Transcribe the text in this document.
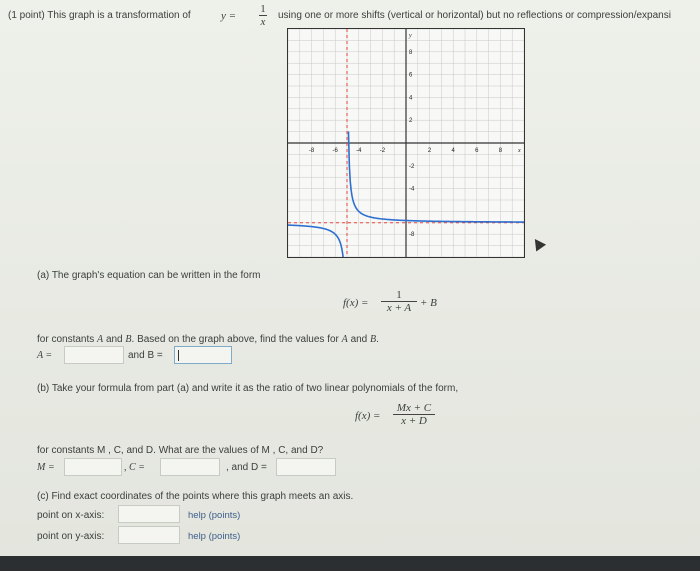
(1 point) This graph is a transformation of	y =
1
x
using one or more shifts (vertical or horizontal) but no reflections or compression/expansi
-8	-6	-4	-2	2	4	6	8
8
6
4
2
-2
-4
-8
x
y
(a) The graph's equation can be written in the form
f(x) =
1
x + A + B
for constants A and B. Based on the graph above, find the values for A and B.
A =	and B =
(b) Take your formula from part (a) and write it as the ratio of two linear polynomials of the form,
f(x) =
Mx + C
x + D
for constants M , C, and D. What are the values of M , C, and D?
M =	, C =	, and D =
(c) Find exact coordinates of the points where this graph meets an axis.
point on x-axis:	help (points)
point on y-axis:	help (points)
